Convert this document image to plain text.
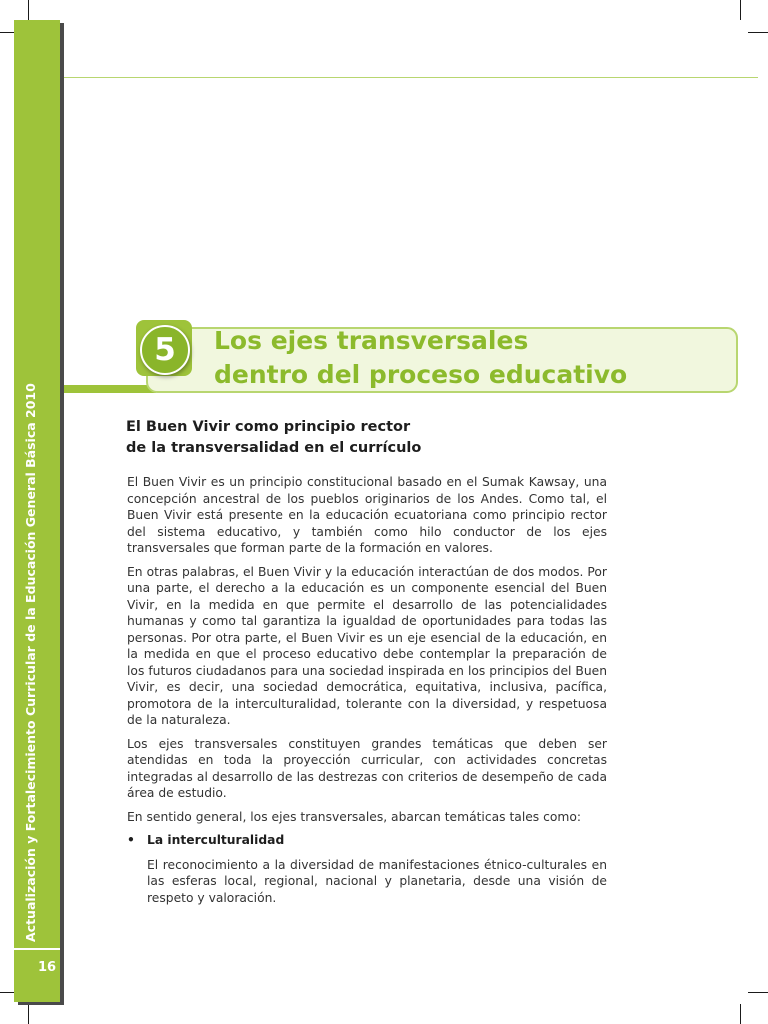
Actualización y Fortalecimiento Curricular de la Educación General Básica 2010
16
5	Los ejes transversales
dentro del proceso educativo
El Buen Vivir como principio rector
de la transversalidad en el currículo

El Buen Vivir es un principio constitucional basado en el Sumak Kawsay, una concepción ancestral de los pueblos originarios de los Andes. Como tal, el Buen Vivir está presente en la educación ecuatoriana como principio rector del sistema educativo, y también como hilo conductor de los ejes transversales que forman parte de la formación en valores.

En otras palabras, el Buen Vivir y la educación interactúan de dos modos. Por una parte, el derecho a la educación es un componente esencial del Buen Vivir, en la medida en que permite el desarrollo de las potencialidades humanas y como tal garantiza la igualdad de oportunidades para todas las personas. Por otra parte, el Buen Vivir es un eje esencial de la educación, en la medida en que el proceso educativo debe contemplar la preparación de los futuros ciudadanos para una sociedad inspirada en los principios del Buen Vivir, es decir, una sociedad democrática, equitativa, inclusiva, pacífica, promotora de la interculturalidad, tolerante con la diversidad, y respetuosa de la naturaleza.

Los ejes transversales constituyen grandes temáticas que deben ser atendidas en toda la proyección curricular, con actividades concretas integradas al desarrollo de las destrezas con criterios de desempeño de cada área de estudio.

En sentido general, los ejes transversales, abarcan temáticas tales como:

• La interculturalidad

El reconocimiento a la diversidad de manifestaciones étnico-culturales en las esferas local, regional, nacional y planetaria, desde una visión de respeto y valoración.
